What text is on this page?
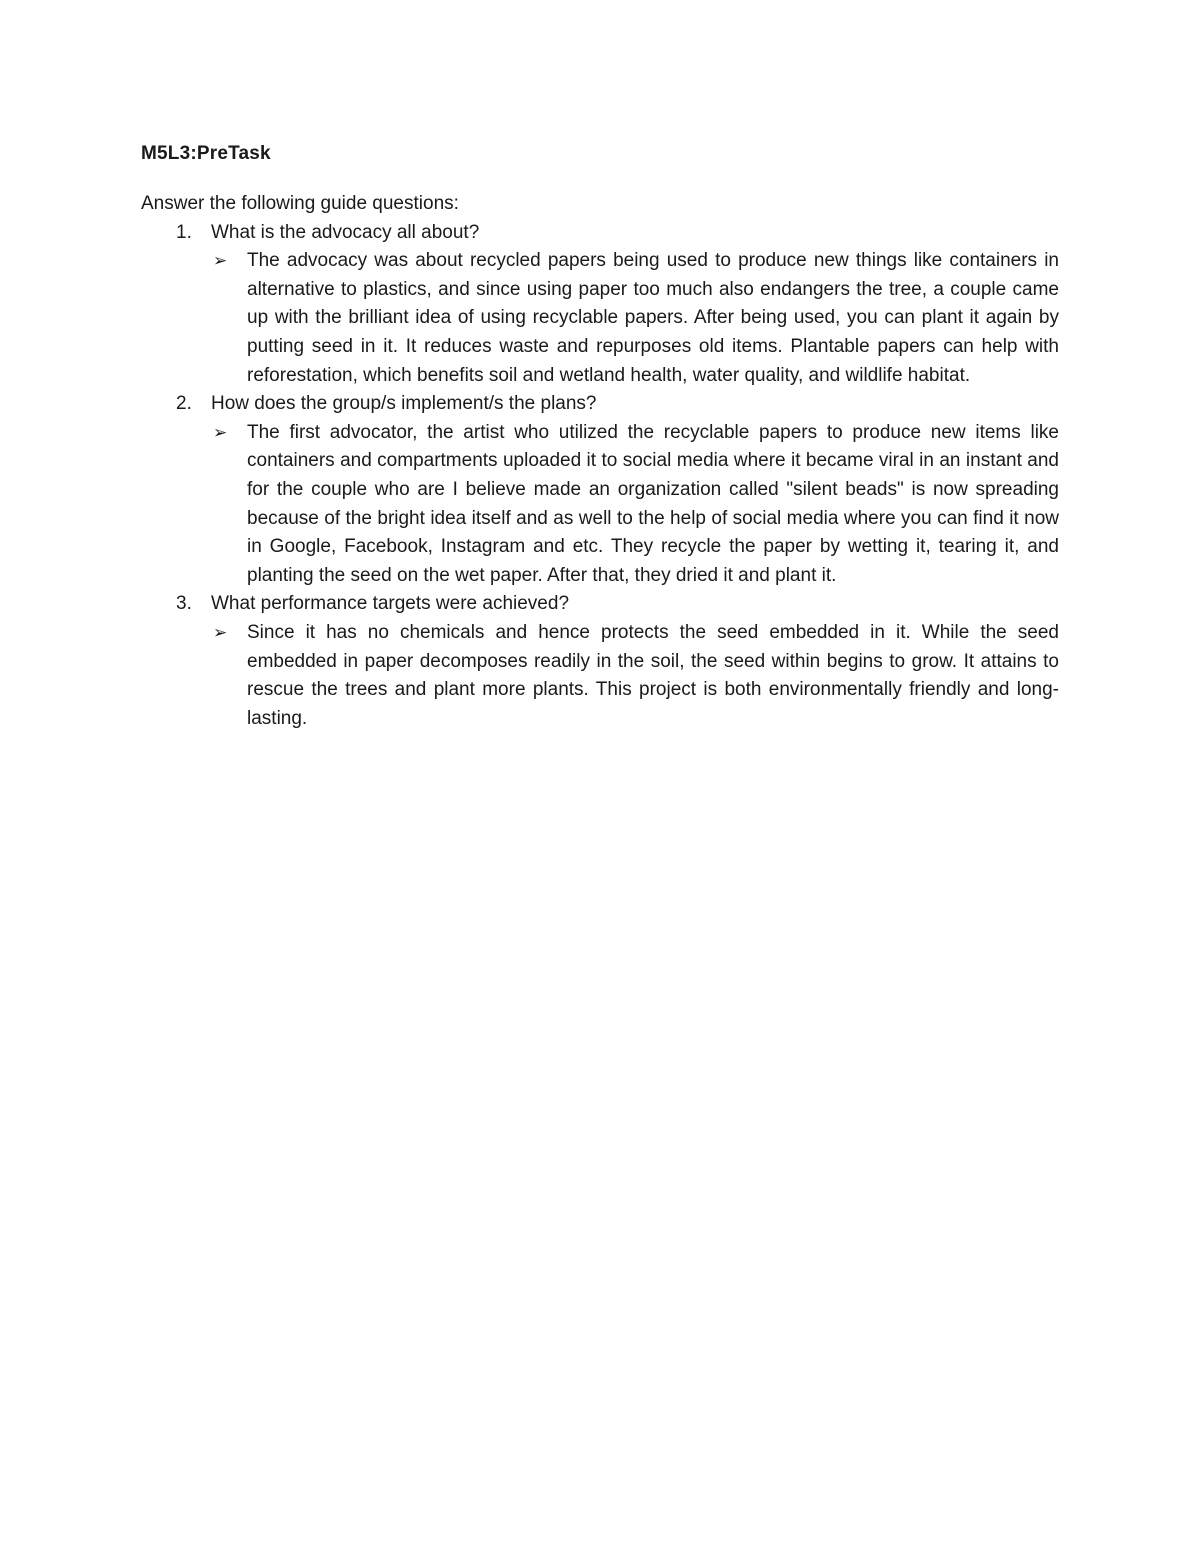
M5L3:PreTask

Answer the following guide questions:

1. What is the advocacy all about?
➢ The advocacy was about recycled papers being used to produce new things like containers in alternative to plastics, and since using paper too much also endangers the tree, a couple came up with the brilliant idea of using recyclable papers. After being used, you can plant it again by putting seed in it. It reduces waste and repurposes old items. Plantable papers can help with reforestation, which benefits soil and wetland health, water quality, and wildlife habitat.
2. How does the group/s implement/s the plans?
➢ The first advocator, the artist who utilized the recyclable papers to produce new items like containers and compartments uploaded it to social media where it became viral in an instant and for the couple who are I believe made an organization called "silent beads" is now spreading because of the bright idea itself and as well to the help of social media where you can find it now in Google, Facebook, Instagram and etc. They recycle the paper by wetting it, tearing it, and planting the seed on the wet paper. After that, they dried it and plant it.
3. What performance targets were achieved?
➢ Since it has no chemicals and hence protects the seed embedded in it. While the seed embedded in paper decomposes readily in the soil, the seed within begins to grow. It attains to rescue the trees and plant more plants. This project is both environmentally friendly and long-lasting.
